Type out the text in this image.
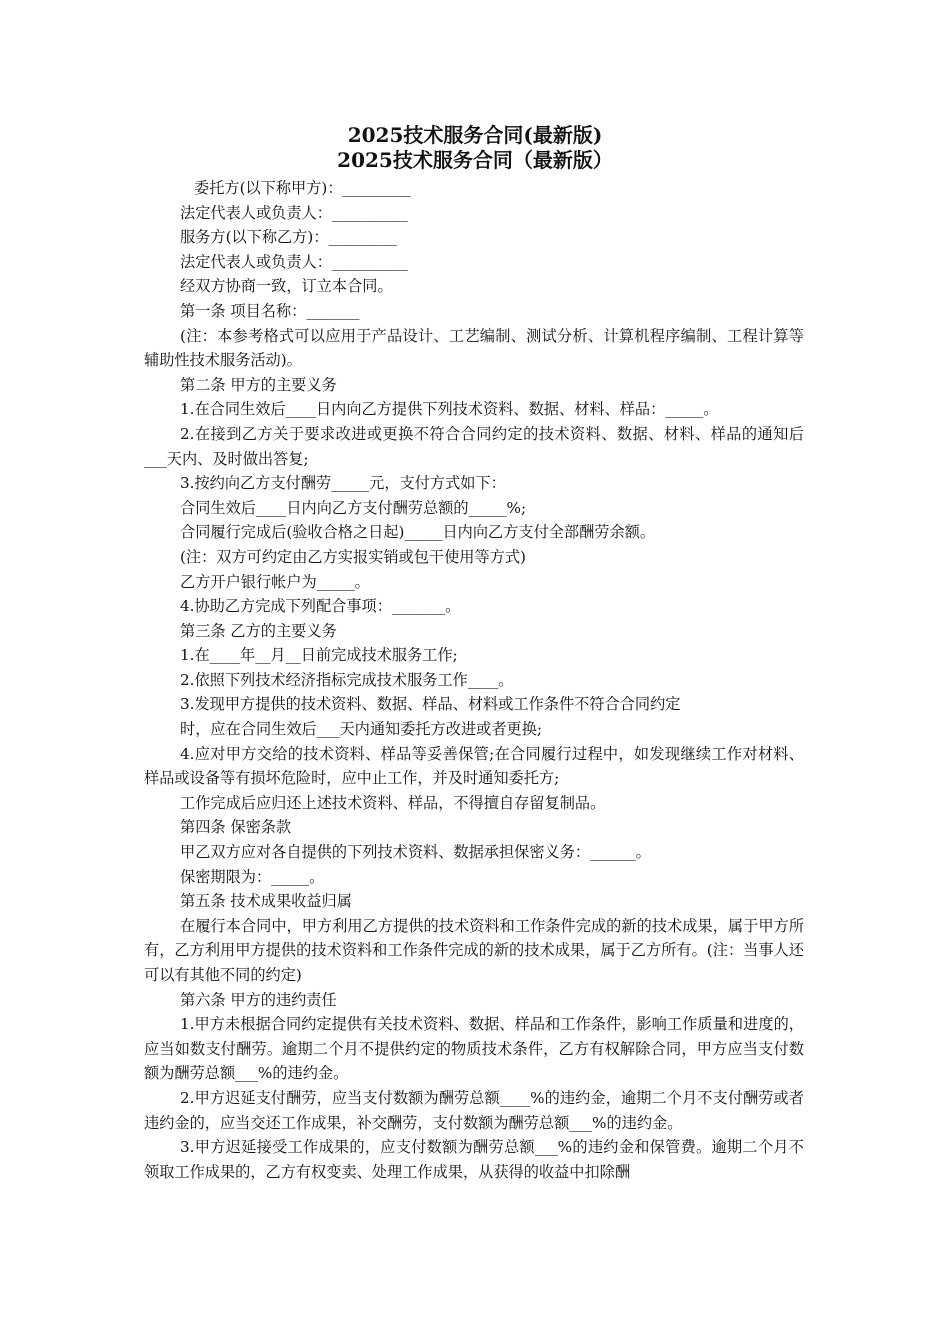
2025技术服务合同(最新版)
2025技术服务合同（最新版）

委托方(以下称甲方)：_________

法定代表人或负责人：__________

服务方(以下称乙方)：_________

法定代表人或负责人：__________

经双方协商一致，订立本合同。

第一条 项目名称：_______

(注：本参考格式可以应用于产品设计、工艺编制、测试分析、计算机程序编制、工程计算等辅助性技术服务活动)。

第二条 甲方的主要义务

1.在合同生效后____日内向乙方提供下列技术资料、数据、材料、样品：_____。

2.在接到乙方关于要求改进或更换不符合合同约定的技术资料、数据、材料、样品的通知后___天内、及时做出答复;

3.按约向乙方支付酬劳_____元，支付方式如下：

合同生效后____日内向乙方支付酬劳总额的_____%;

合同履行完成后(验收合格之日起)_____日内向乙方支付全部酬劳余额。

(注：双方可约定由乙方实报实销或包干使用等方式)

乙方开户银行帐户为_____。

4.协助乙方完成下列配合事项：_______。

第三条 乙方的主要义务

1.在____年__月__日前完成技术服务工作;

2.依照下列技术经济指标完成技术服务工作____。

3.发现甲方提供的技术资料、数据、样品、材料或工作条件不符合合同约定

时，应在合同生效后___天内通知委托方改进或者更换;

4.应对甲方交给的技术资料、样品等妥善保管;在合同履行过程中，如发现继续工作对材料、样品或设备等有损坏危险时，应中止工作，并及时通知委托方;

工作完成后应归还上述技术资料、样品，不得擅自存留复制品。

第四条 保密条款

甲乙双方应对各自提供的下列技术资料、数据承担保密义务：______。

保密期限为：_____。

第五条 技术成果收益归属

在履行本合同中，甲方利用乙方提供的技术资料和工作条件完成的新的技术成果，属于甲方所有，乙方利用甲方提供的技术资料和工作条件完成的新的技术成果，属于乙方所有。(注：当事人还可以有其他不同的约定)

第六条 甲方的违约责任

1.甲方未根据合同约定提供有关技术资料、数据、样品和工作条件，影响工作质量和进度的，应当如数支付酬劳。逾期二个月不提供约定的物质技术条件，乙方有权解除合同，甲方应当支付数额为酬劳总额___%的违约金。

2.甲方迟延支付酬劳，应当支付数额为酬劳总额____%的违约金，逾期二个月不支付酬劳或者违约金的，应当交还工作成果，补交酬劳，支付数额为酬劳总额___%的违约金。

3.甲方迟延接受工作成果的，应支付数额为酬劳总额___%的违约金和保管费。逾期二个月不领取工作成果的，乙方有权变卖、处理工作成果，从获得的收益中扣除酬
